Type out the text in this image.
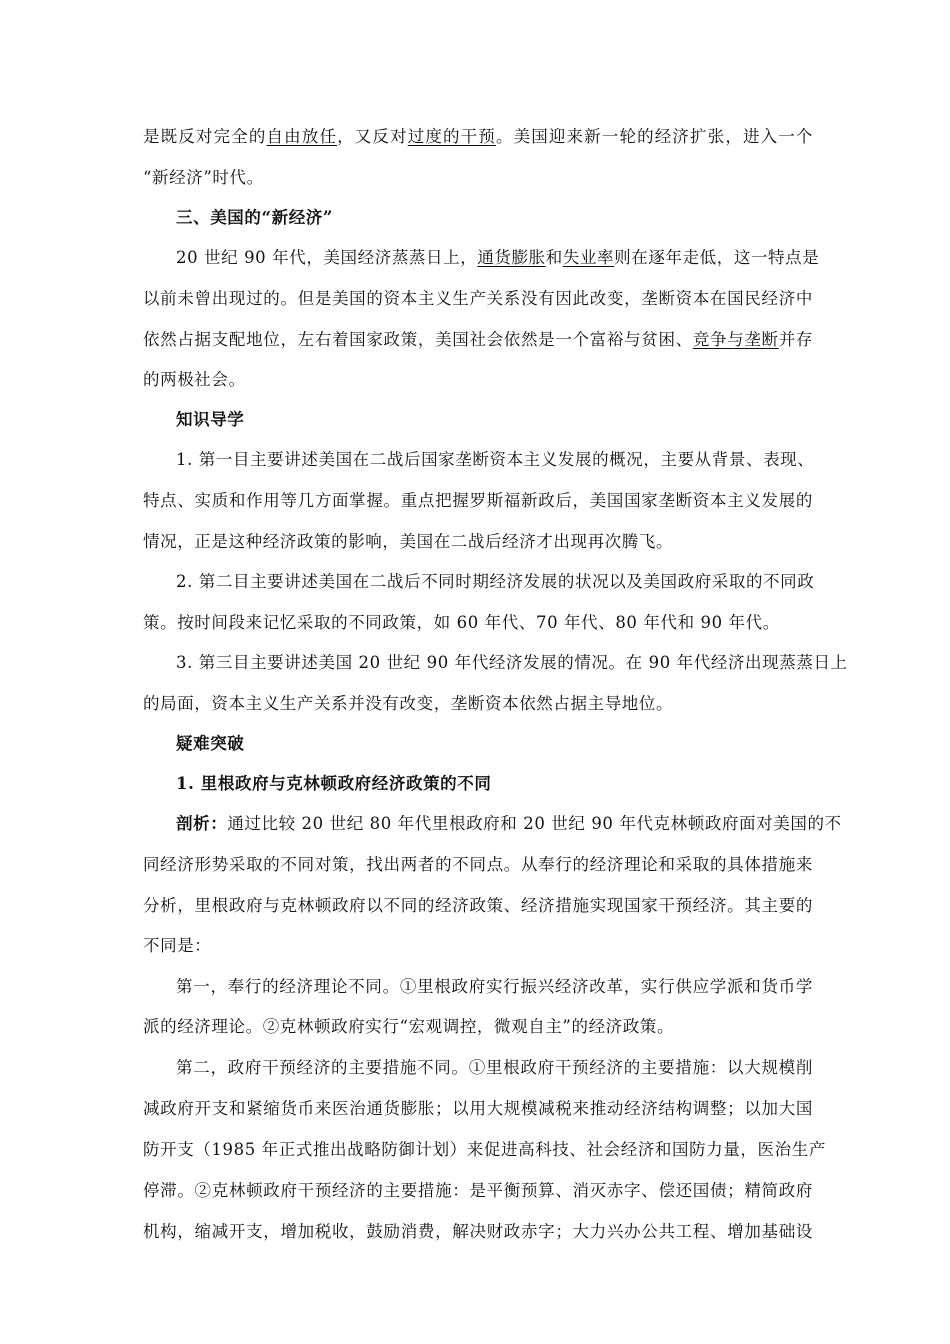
是既反对完全的自由放任，又反对过度的干预。美国迎来新一轮的经济扩张，进入一个
“新经济”时代。
三、美国的“新经济”
20 世纪 90 年代，美国经济蒸蒸日上，通货膨胀和失业率则在逐年走低，这一特点是
以前未曾出现过的。但是美国的资本主义生产关系没有因此改变，垄断资本在国民经济中
依然占据支配地位，左右着国家政策，美国社会依然是一个富裕与贫困、竞争与垄断并存
的两极社会。
知识导学
1. 第一目主要讲述美国在二战后国家垄断资本主义发展的概况，主要从背景、表现、
特点、实质和作用等几方面掌握。重点把握罗斯福新政后，美国国家垄断资本主义发展的
情况，正是这种经济政策的影响，美国在二战后经济才出现再次腾飞。
2. 第二目主要讲述美国在二战后不同时期经济发展的状况以及美国政府采取的不同政
策。按时间段来记忆采取的不同政策，如 60 年代、70 年代、80 年代和 90 年代。
3. 第三目主要讲述美国 20 世纪 90 年代经济发展的情况。在 90 年代经济出现蒸蒸日上
的局面，资本主义生产关系并没有改变，垄断资本依然占据主导地位。
疑难突破
1. 里根政府与克林顿政府经济政策的不同
剖析：通过比较 20 世纪 80 年代里根政府和 20 世纪 90 年代克林顿政府面对美国的不
同经济形势采取的不同对策，找出两者的不同点。从奉行的经济理论和采取的具体措施来
分析，里根政府与克林顿政府以不同的经济政策、经济措施实现国家干预经济。其主要的
不同是：
第一，奉行的经济理论不同。①里根政府实行振兴经济改革，实行供应学派和货币学
派的经济理论。②克林顿政府实行“宏观调控，微观自主”的经济政策。
第二，政府干预经济的主要措施不同。①里根政府干预经济的主要措施：以大规模削
减政府开支和紧缩货币来医治通货膨胀；以用大规模减税来推动经济结构调整；以加大国
防开支（1985 年正式推出战略防御计划）来促进高科技、社会经济和国防力量，医治生产
停滞。②克林顿政府干预经济的主要措施：是平衡预算、消灭赤字、偿还国债；精简政府
机构，缩减开支，增加税收，鼓励消费，解决财政赤字；大力兴办公共工程、增加基础设
